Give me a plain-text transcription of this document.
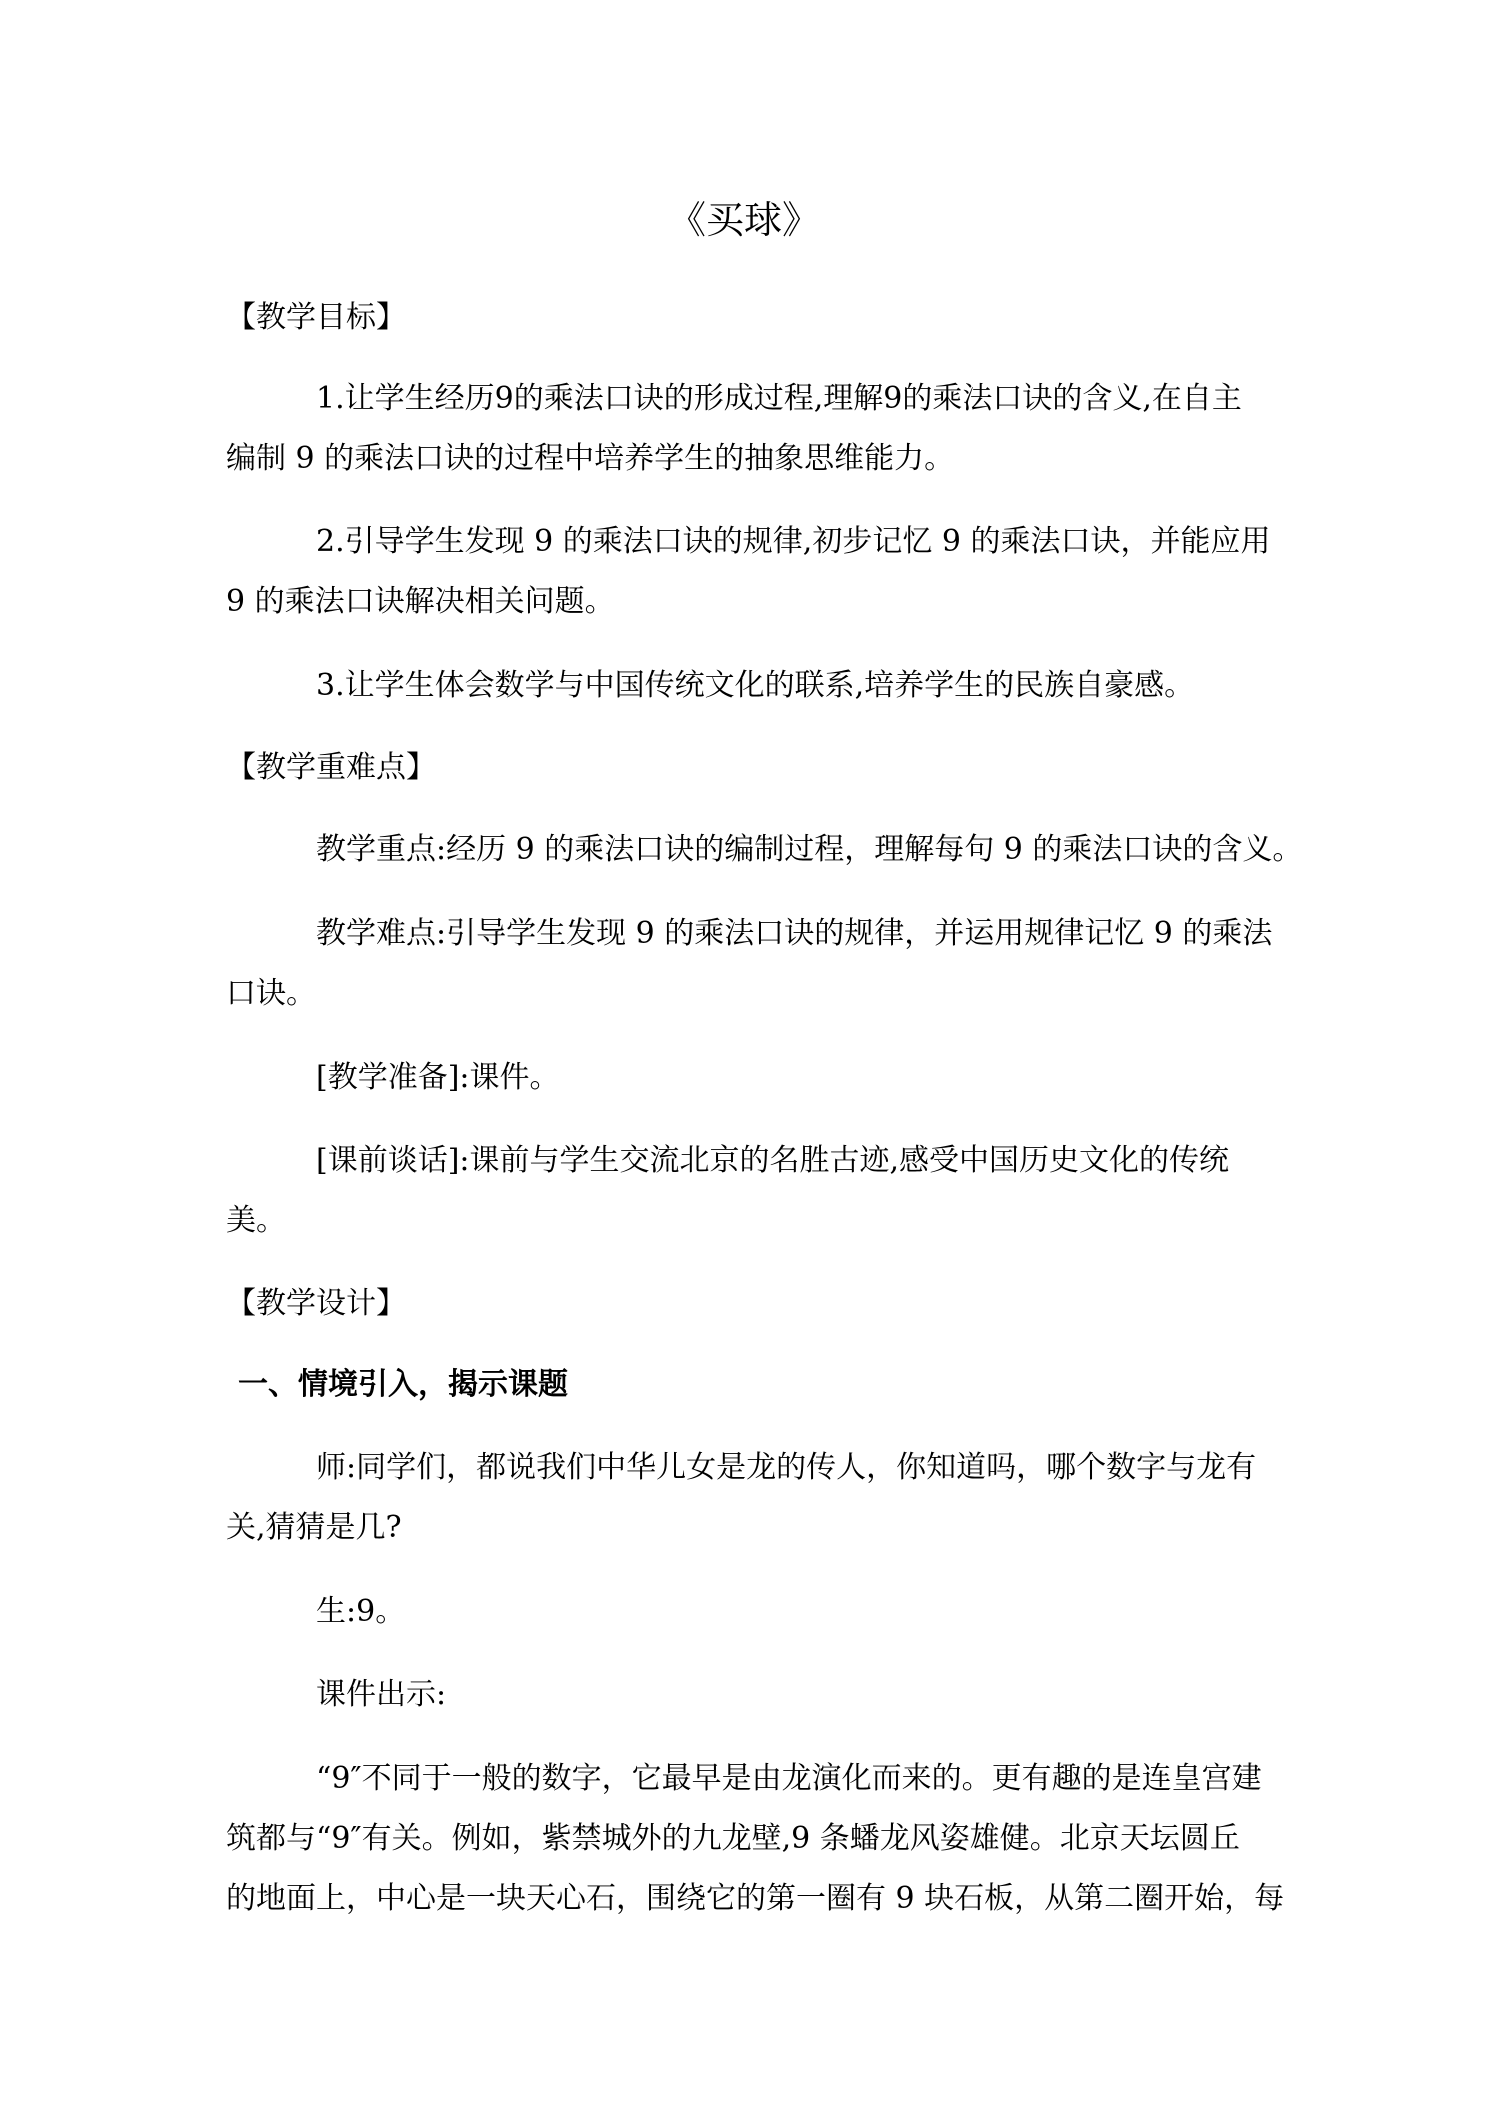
《买球》

【教学目标】

1.让学生经历9的乘法口诀的形成过程,理解9的乘法口诀的含义,在自主

编制 9 的乘法口诀的过程中培养学生的抽象思维能力。

2.引导学生发现 9 的乘法口诀的规律,初步记忆 9 的乘法口诀，并能应用

9 的乘法口诀解决相关问题。

3.让学生体会数学与中国传统文化的联系,培养学生的民族自豪感。

【教学重难点】

教学重点:经历 9 的乘法口诀的编制过程，理解每句 9 的乘法口诀的含义。

教学难点:引导学生发现 9 的乘法口诀的规律，并运用规律记忆 9 的乘法

口诀。

[教学准备]:课件。

[课前谈话]:课前与学生交流北京的名胜古迹,感受中国历史文化的传统

美。

【教学设计】

一、情境引入，揭示课题

师:同学们，都说我们中华儿女是龙的传人，你知道吗，哪个数字与龙有

关,猜猜是几?

生:9。

课件出示:

“9″不同于一般的数字，它最早是由龙演化而来的。更有趣的是连皇宫建

筑都与“9″有关。例如，紫禁城外的九龙壁,9 条蟠龙风姿雄健。北京天坛圆丘

的地面上，中心是一块天心石，围绕它的第一圈有 9 块石板，从第二圈开始，每
